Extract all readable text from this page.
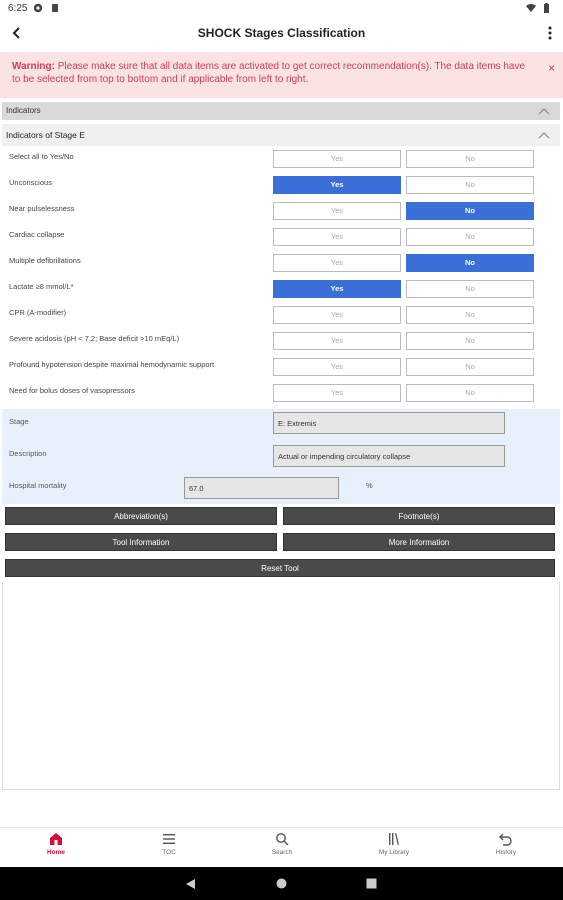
6:25
SHOCK Stages Classification
Warning: Please make sure that all data items are activated to get correct recommendation(s). The data items have to be selected from top to bottom and if applicable from left to right.
×
Indicators
Indicators of Stage E
Select all to Yes/No	Yes	No
Unconscious	Yes	No
Near pulselessness	Yes	No
Cardiac collapse	Yes	No
Multiple defibrillations	Yes	No
Lactate ≥8 mmol/L*	Yes	No
CPR (A-modifier)	Yes	No
Severe acidosis (pH < 7.2; Base deficit >10 mEq/L)	Yes	No
Profound hypotension despite maximal hemodynamic support	Yes	No
Need for bolus doses of vasopressors	Yes	No
Stage	E: Extremis
Description	Actual or impending circulatory collapse
Hospital mortality	67.0	%
Abbreviation(s)	Footnote(s)
Tool Information	More Information
Reset Tool
Home	TOC	Search	My Library	History
